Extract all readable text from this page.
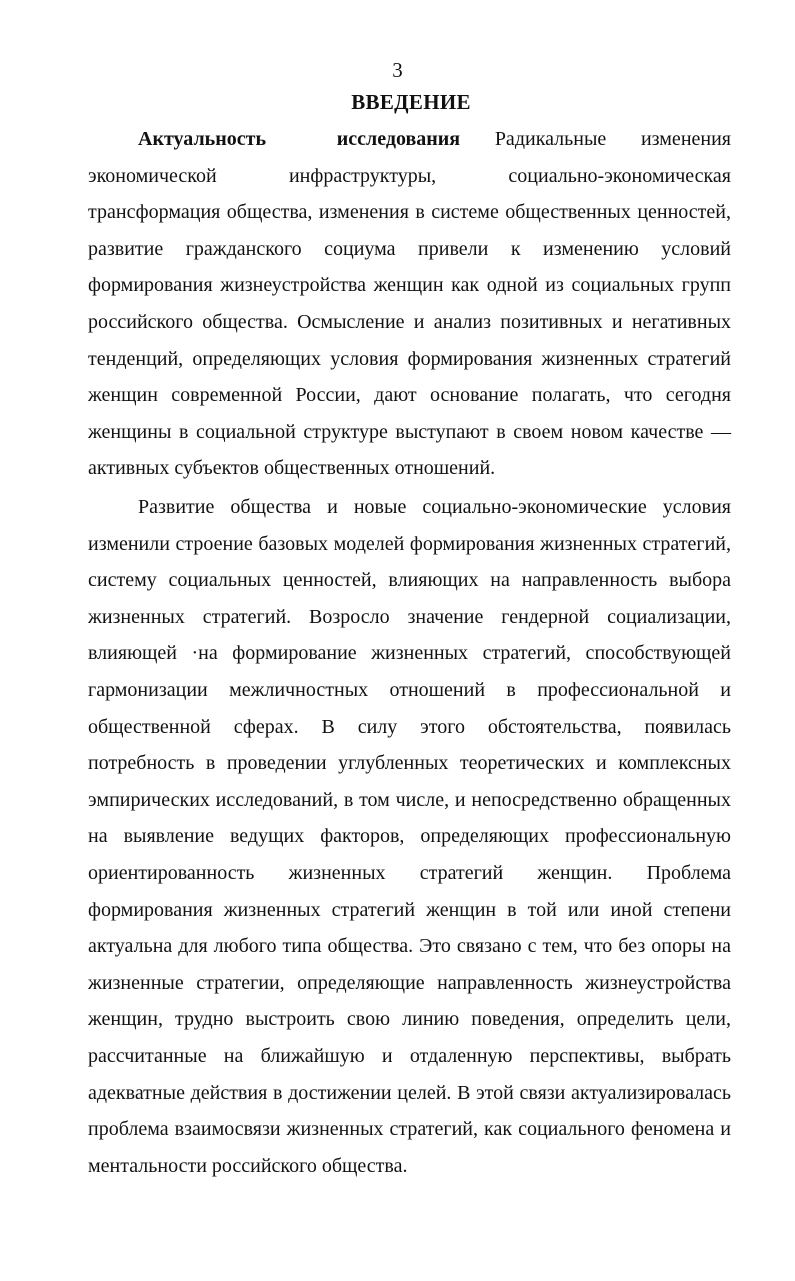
3
ВВЕДЕНИЕ

Актуальность исследования Радикальные изменения экономической инфраструктуры, социально-экономическая трансформация общества, изменения в системе общественных ценностей, развитие гражданского социума привели к изменению условий формирования жизнеустройства женщин как одной из социальных групп российского общества. Осмысление и анализ позитивных и негативных тенденций, определяющих условия формирования жизненных стратегий женщин современной России, дают основание полагать, что сегодня женщины в социальной структуре выступают в своем новом качестве — активных субъектов общественных отношений.

Развитие общества и новые социально-экономические условия изменили строение базовых моделей формирования жизненных стратегий, систему социальных ценностей, влияющих на направленность выбора жизненных стратегий. Возросло значение гендерной социализации, влияющей ·на формирование жизненных стратегий, способствующей гармонизации межличностных отношений в профессиональной и общественной сферах. В силу этого обстоятельства, появилась потребность в проведении углубленных теоретических и комплексных эмпирических исследований, в том числе, и непосредственно обращенных на выявление ведущих факторов, определяющих профессиональную ориентированность жизненных стратегий женщин. Проблема формирования жизненных стратегий женщин в той или иной степени актуальна для любого типа общества. Это связано с тем, что без опоры на жизненные стратегии, определяющие направленность жизнеустройства женщин, трудно выстроить свою линию поведения, определить цели, рассчитанные на ближайшую и отдаленную перспективы, выбрать адекватные действия в достижении целей. В этой связи актуализировалась проблема взаимосвязи жизненных стратегий, как социального феномена и ментальности российского общества.
